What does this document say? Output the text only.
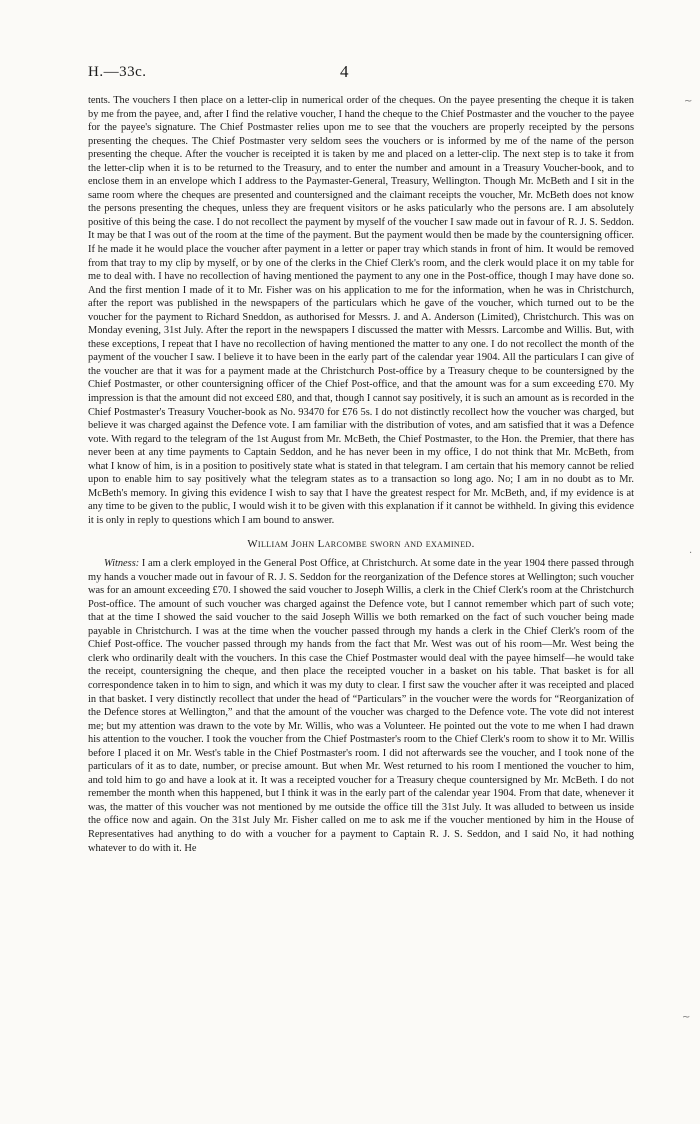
H.—33c.	4

tents. The vouchers I then place on a letter-clip in numerical order of the cheques. On the payee presenting the cheque it is taken by me from the payee, and, after I find the relative voucher, I hand the cheque to the Chief Postmaster and the voucher to the payee for the payee's signature. The Chief Postmaster relies upon me to see that the vouchers are properly receipted by the persons presenting the cheques. The Chief Postmaster very seldom sees the vouchers or is informed by me of the name of the person presenting the cheque. After the voucher is receipted it is taken by me and placed on a letter-clip. The next step is to take it from the letter-clip when it is to be returned to the Treasury, and to enter the number and amount in a Treasury Voucher-book, and to enclose them in an envelope which I address to the Paymaster-General, Treasury, Wellington. Though Mr. McBeth and I sit in the same room where the cheques are presented and countersigned and the claimant receipts the voucher, Mr. McBeth does not know the persons presenting the cheques, unless they are frequent visitors or he asks paticularly who the persons are. I am absolutely positive of this being the case. I do not recollect the payment by myself of the voucher I saw made out in favour of R. J. S. Seddon. It may be that I was out of the room at the time of the payment. But the payment would then be made by the countersigning officer. If he made it he would place the voucher after payment in a letter or paper tray which stands in front of him. It would be removed from that tray to my clip by myself, or by one of the clerks in the Chief Clerk's room, and the clerk would place it on my table for me to deal with. I have no recollection of having mentioned the payment to any one in the Post-office, though I may have done so. And the first mention I made of it to Mr. Fisher was on his application to me for the information, when he was in Christchurch, after the report was published in the newspapers of the particulars which he gave of the voucher, which turned out to be the voucher for the payment to Richard Sneddon, as authorised for Messrs. J. and A. Anderson (Limited), Christchurch. This was on Monday evening, 31st July. After the report in the newspapers I discussed the matter with Messrs. Larcombe and Willis. But, with these exceptions, I repeat that I have no recollection of having mentioned the matter to any one. I do not recollect the month of the payment of the voucher I saw. I believe it to have been in the early part of the calendar year 1904. All the particulars I can give of the voucher are that it was for a payment made at the Christchurch Post-office by a Treasury cheque to be countersigned by the Chief Postmaster, or other countersigning officer of the Chief Post-office, and that the amount was for a sum exceeding £70. My impression is that the amount did not exceed £80, and that, though I cannot say positively, it is such an amount as is recorded in the Chief Postmaster's Treasury Voucher-book as No. 93470 for £76 5s. I do not distinctly recollect how the voucher was charged, but believe it was charged against the Defence vote. I am familiar with the distribution of votes, and am satisfied that it was a Defence vote. With regard to the telegram of the 1st August from Mr. McBeth, the Chief Postmaster, to the Hon. the Premier, that there has never been at any time payments to Captain Seddon, and he has never been in my office, I do not think that Mr. McBeth, from what I know of him, is in a position to positively state what is stated in that telegram. I am certain that his memory cannot be relied upon to enable him to say positively what the telegram states as to a transaction so long ago. No; I am in no doubt as to Mr. McBeth's memory. In giving this evidence I wish to say that I have the greatest respect for Mr. McBeth, and, if my evidence is at any time to be given to the public, I would wish it to be given with this explanation if it cannot be withheld. In giving this evidence it is only in reply to questions which I am bound to answer.

William John Larcombe sworn and examined.

Witness: I am a clerk employed in the General Post Office, at Christchurch. At some date in the year 1904 there passed through my hands a voucher made out in favour of R. J. S. Seddon for the reorganization of the Defence stores at Wellington; such voucher was for an amount exceeding £70. I showed the said voucher to Joseph Willis, a clerk in the Chief Clerk's room at the Christchurch Post-office. The amount of such voucher was charged against the Defence vote, but I cannot remember which part of such vote; that at the time I showed the said voucher to the said Joseph Willis we both remarked on the fact of such voucher being made payable in Christchurch. I was at the time when the voucher passed through my hands a clerk in the Chief Clerk's room of the Chief Post-office. The voucher passed through my hands from the fact that Mr. West was out of his room—Mr. West being the clerk who ordinarily dealt with the vouchers. In this case the Chief Postmaster would deal with the payee himself—he would take the receipt, countersigning the cheque, and then place the receipted voucher in a basket on his table. That basket is for all correspondence taken in to him to sign, and which it was my duty to clear. I first saw the voucher after it was receipted and placed in that basket. I very distinctly recollect that under the head of “Particulars” in the voucher were the words for “Reorganization of the Defence stores at Wellington,” and that the amount of the voucher was charged to the Defence vote. The vote did not interest me; but my attention was drawn to the vote by Mr. Willis, who was a Volunteer. He pointed out the vote to me when I had drawn his attention to the voucher. I took the voucher from the Chief Postmaster's room to the Chief Clerk's room to show it to Mr. Willis before I placed it on Mr. West's table in the Chief Postmaster's room. I did not afterwards see the voucher, and I took none of the particulars of it as to date, number, or precise amount. But when Mr. West returned to his room I mentioned the voucher to him, and told him to go and have a look at it. It was a receipted voucher for a Treasury cheque countersigned by Mr. McBeth. I do not remember the month when this happened, but I think it was in the early part of the calendar year 1904. From that date, whenever it was, the matter of this voucher was not mentioned by me outside the office till the 31st July. It was alluded to between us inside the office now and again. On the 31st July Mr. Fisher called on me to ask me if the voucher mentioned by him in the House of Representatives had anything to do with a voucher for a payment to Captain R. J. S. Seddon, and I said No, it had nothing whatever to do with it. He

~
·
~
